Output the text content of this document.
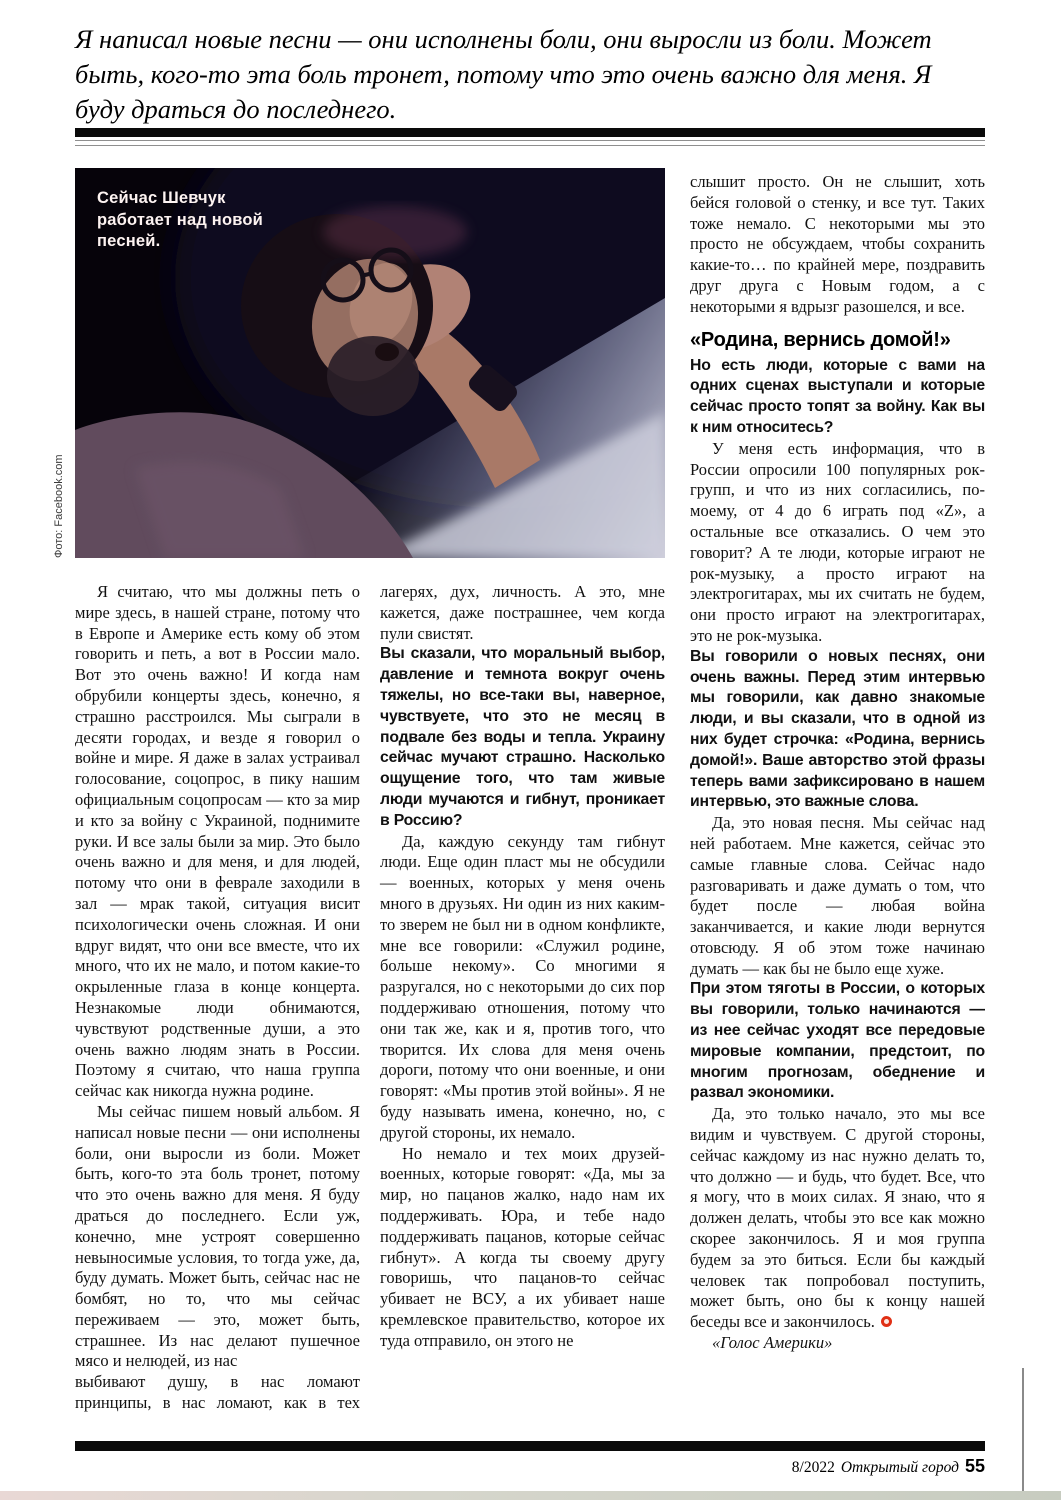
Я написал новые песни — они исполнены боли, они выросли из боли. Может быть, кого-то эта боль тронет, потому что это очень важно для меня. Я буду драться до последнего.
Сейчас Шевчук работает над новой песней.
Фото: Facebook.com

Я считаю, что мы должны петь о мире здесь, в нашей стране, потому что в Европе и Америке есть кому об этом говорить и петь, а вот в России мало. Вот это очень важно! И когда нам обрубили концерты здесь, конечно, я страшно расстроился. Мы сыграли в десяти городах, и везде я говорил о войне и мире. Я даже в залах устраивал голосование, соцопрос, в пику нашим официальным соцопросам — кто за мир и кто за войну с Украиной, поднимите руки. И все залы были за мир. Это было очень важно и для меня, и для людей, потому что они в феврале заходили в зал — мрак такой, ситуация висит психологически очень сложная. И они вдруг видят, что они все вместе, что их много, что их не мало, и потом какие-то окрыленные глаза в конце концерта. Незнакомые люди обнимаются, чувствуют родственные души, а это очень важно людям знать в России. Поэтому я считаю, что наша группа сейчас как никогда нужна родине.

Мы сейчас пишем новый альбом. Я написал новые песни — они исполнены боли, они выросли из боли. Может быть, кого-то эта боль тронет, потому что это очень важно для меня. Я буду драться до последнего. Если уж, конечно, мне устроят совершенно невыносимые условия, то тогда уже, да, буду думать. Может быть, сейчас нас не бомбят, но то, что мы сейчас переживаем — это, может быть, страшнее. Из нас делают пушечное мясо и нелюдей, из нас

выбивают душу, в нас ломают принципы, в нас ломают, как в тех лагерях, дух, личность. А это, мне кажется, даже пострашнее, чем когда пули свистят.

Вы сказали, что моральный выбор, давление и темнота вокруг очень тяжелы, но все-таки вы, наверное, чувствуете, что это не месяц в подвале без воды и тепла. Украину сейчас мучают страшно. Насколько ощущение того, что там живые люди мучаются и гибнут, проникает в Россию?

Да, каждую секунду там гибнут люди. Еще один пласт мы не обсудили — военных, которых у меня очень много в друзьях. Ни один из них каким-то зверем не был ни в одном конфликте, мне все говорили: «Служил родине, больше некому». Со многими я разругался, но с некоторыми до сих пор поддерживаю отношения, потому что они так же, как и я, против того, что творится. Их слова для меня очень дороги, потому что они военные, и они говорят: «Мы против этой войны». Я не буду называть имена, конечно, но, с другой стороны, их немало.

Но немало и тех моих друзей-военных, которые говорят: «Да, мы за мир, но пацанов жалко, надо нам их поддерживать. Юра, и тебе надо поддерживать пацанов, которые сейчас гибнут». А когда ты своему другу говоришь, что пацанов-то сейчас убивает не ВСУ, а их убивает наше кремлевское правительство, которое их туда отправило, он этого не

слышит просто. Он не слышит, хоть бейся головой о стенку, и все тут. Таких тоже немало. С некоторыми мы это просто не обсуждаем, чтобы сохранить какие-то… по крайней мере, поздравить друг друга с Новым годом, а с некоторыми я вдрызг разошелся, и все.

«Родина, вернись домой!»

Но есть люди, которые с вами на одних сценах выступали и которые сейчас просто топят за войну. Как вы к ним относитесь?

У меня есть информация, что в России опросили 100 популярных рок-групп, и что из них согласились, по-моему, от 4 до 6 играть под «Z», а остальные все отказались. О чем это говорит? А те люди, которые играют не рок-музыку, а просто играют на электрогитарах, мы их считать не будем, они просто играют на электрогитарах, это не рок-музыка.

Вы говорили о новых песнях, они очень важны. Перед этим интервью мы говорили, как давно знакомые люди, и вы сказали, что в одной из них будет строчка: «Родина, вернись домой!». Ваше авторство этой фразы теперь вами зафиксировано в нашем интервью, это важные слова.

Да, это новая песня. Мы сейчас над ней работаем. Мне кажется, сейчас это самые главные слова. Сейчас надо разговаривать и даже думать о том, что будет после — любая война заканчивается, и какие люди вернутся отовсюду. Я об этом тоже начинаю думать — как бы не было еще хуже.

При этом тяготы в России, о которых вы говорили, только начинаются — из нее сейчас уходят все передовые мировые компании, предстоит, по многим прогнозам, обеднение и развал экономики.

Да, это только начало, это мы все видим и чувствуем. С другой стороны, сейчас каждому из нас нужно делать то, что должно — и будь, что будет. Все, что я могу, что в моих силах. Я знаю, что я должен делать, чтобы это все как можно скорее закончилось. Я и моя группа будем за это биться. Если бы каждый человек так попробовал поступить, может быть, оно бы к концу нашей беседы все и закончилось.

«Голос Америки»

8/2022 Открытый город 55
